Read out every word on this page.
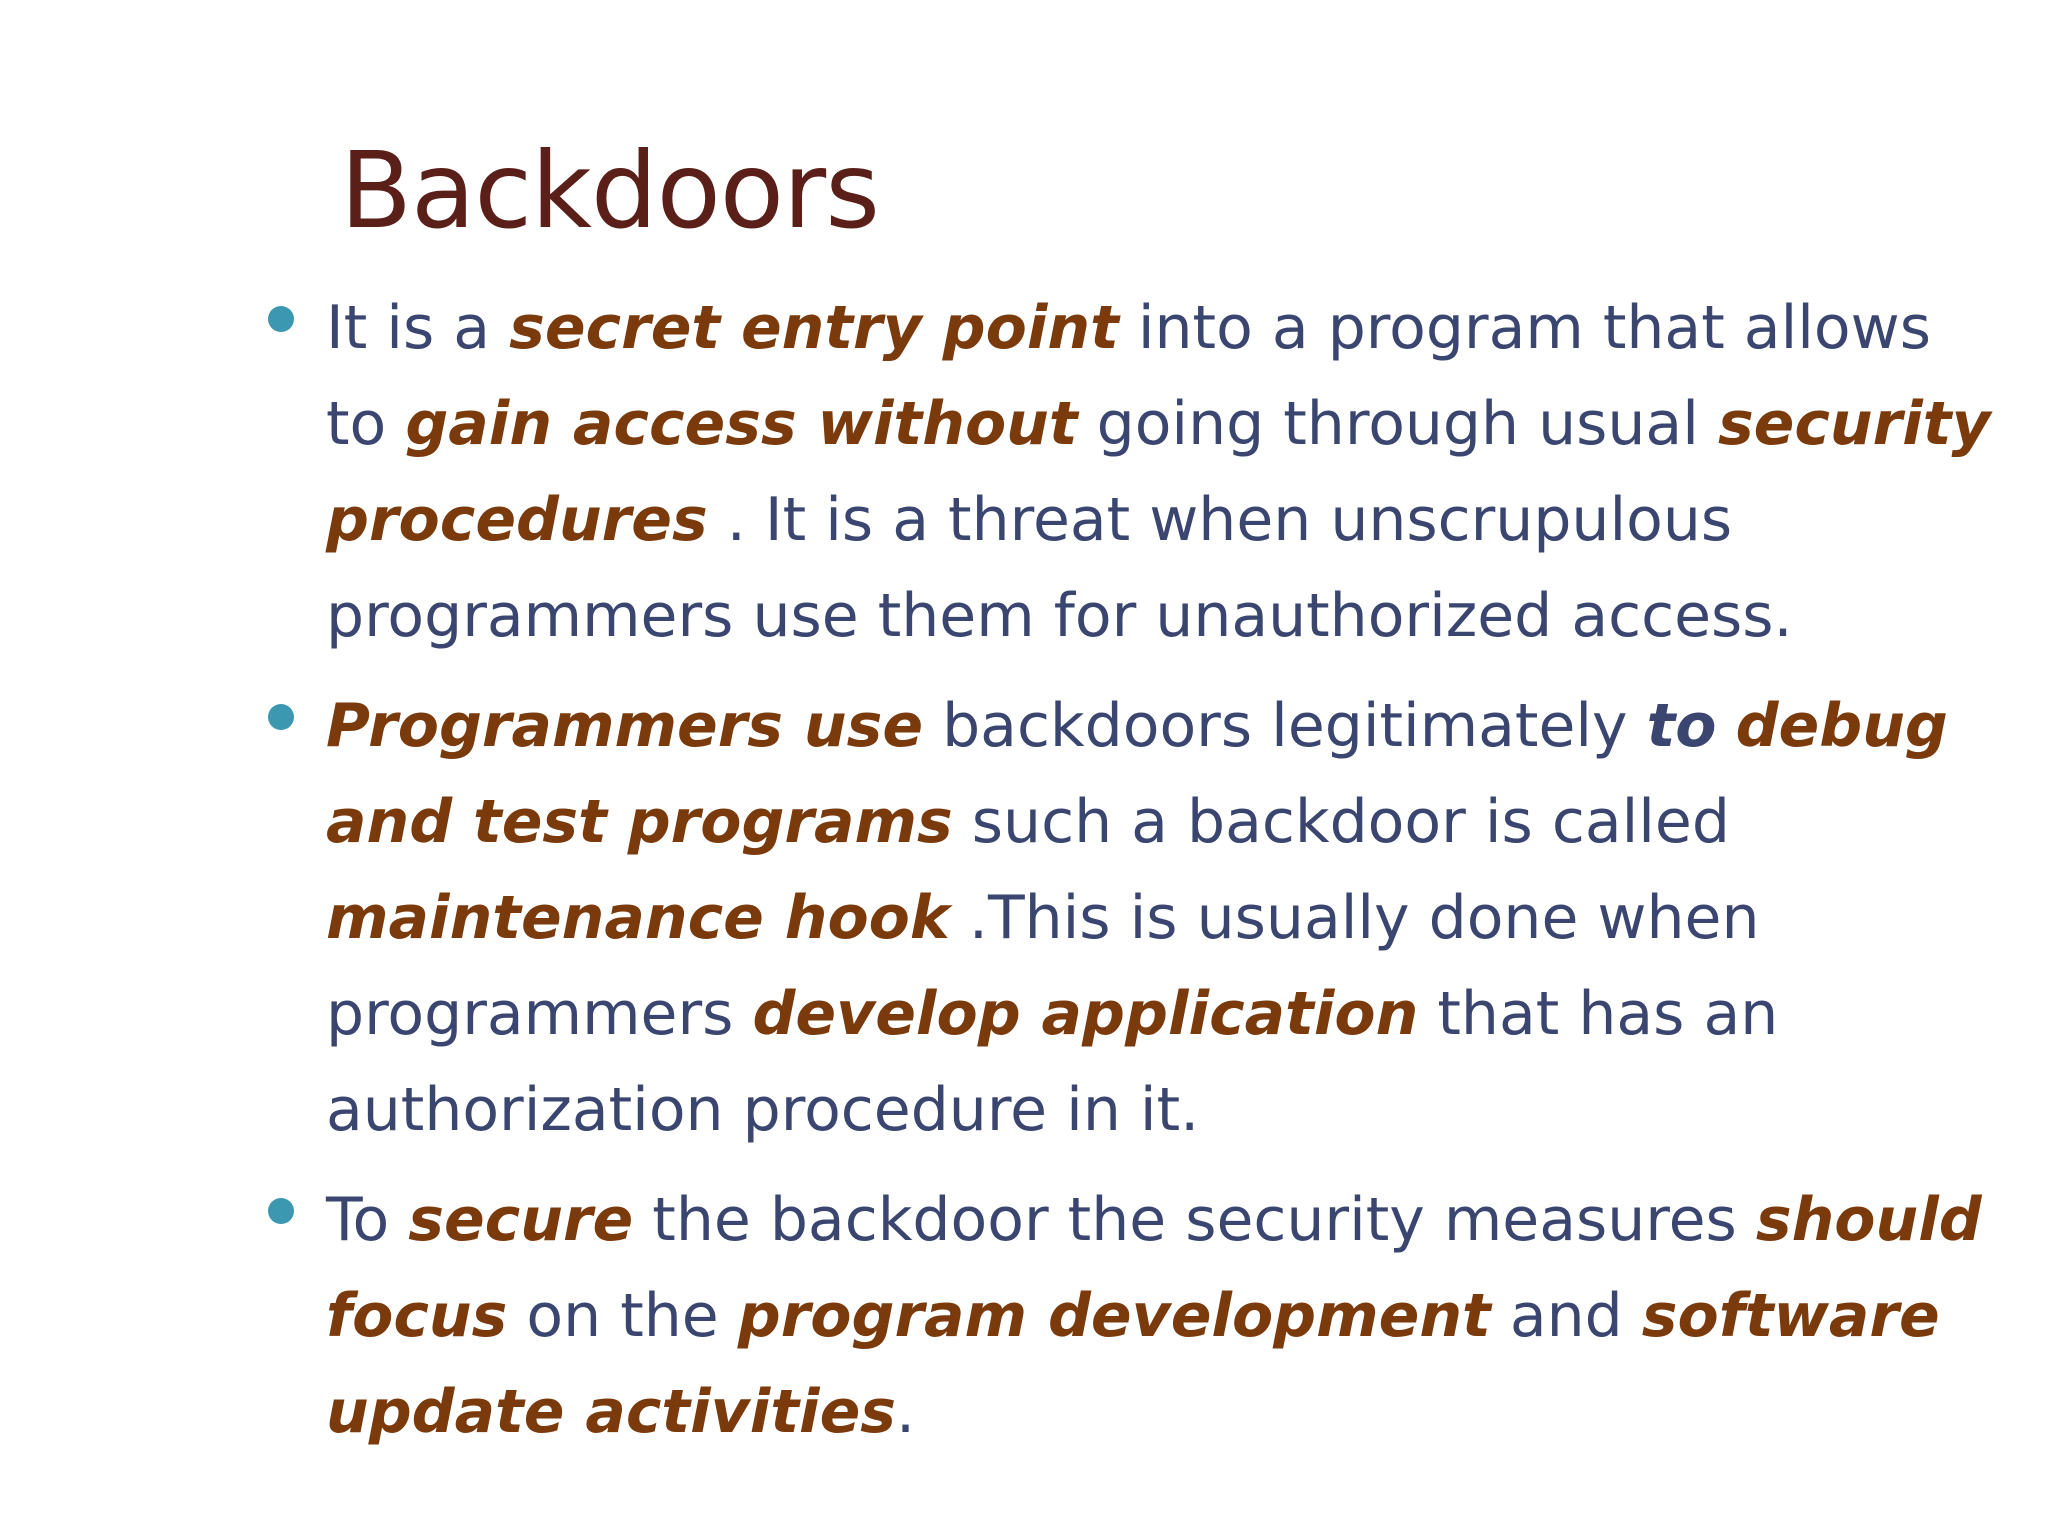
Backdoors
It is a secret entry point into a program that allows to gain access without going through usual security procedures . It is a threat when unscrupulous programmers use them for unauthorized access.
Programmers use backdoors legitimately to debug and test programs such a backdoor is called maintenance hook .This is usually done when programmers develop application that has an authorization procedure in it.
To secure the backdoor the security measures should focus on the program development and software update activities.
